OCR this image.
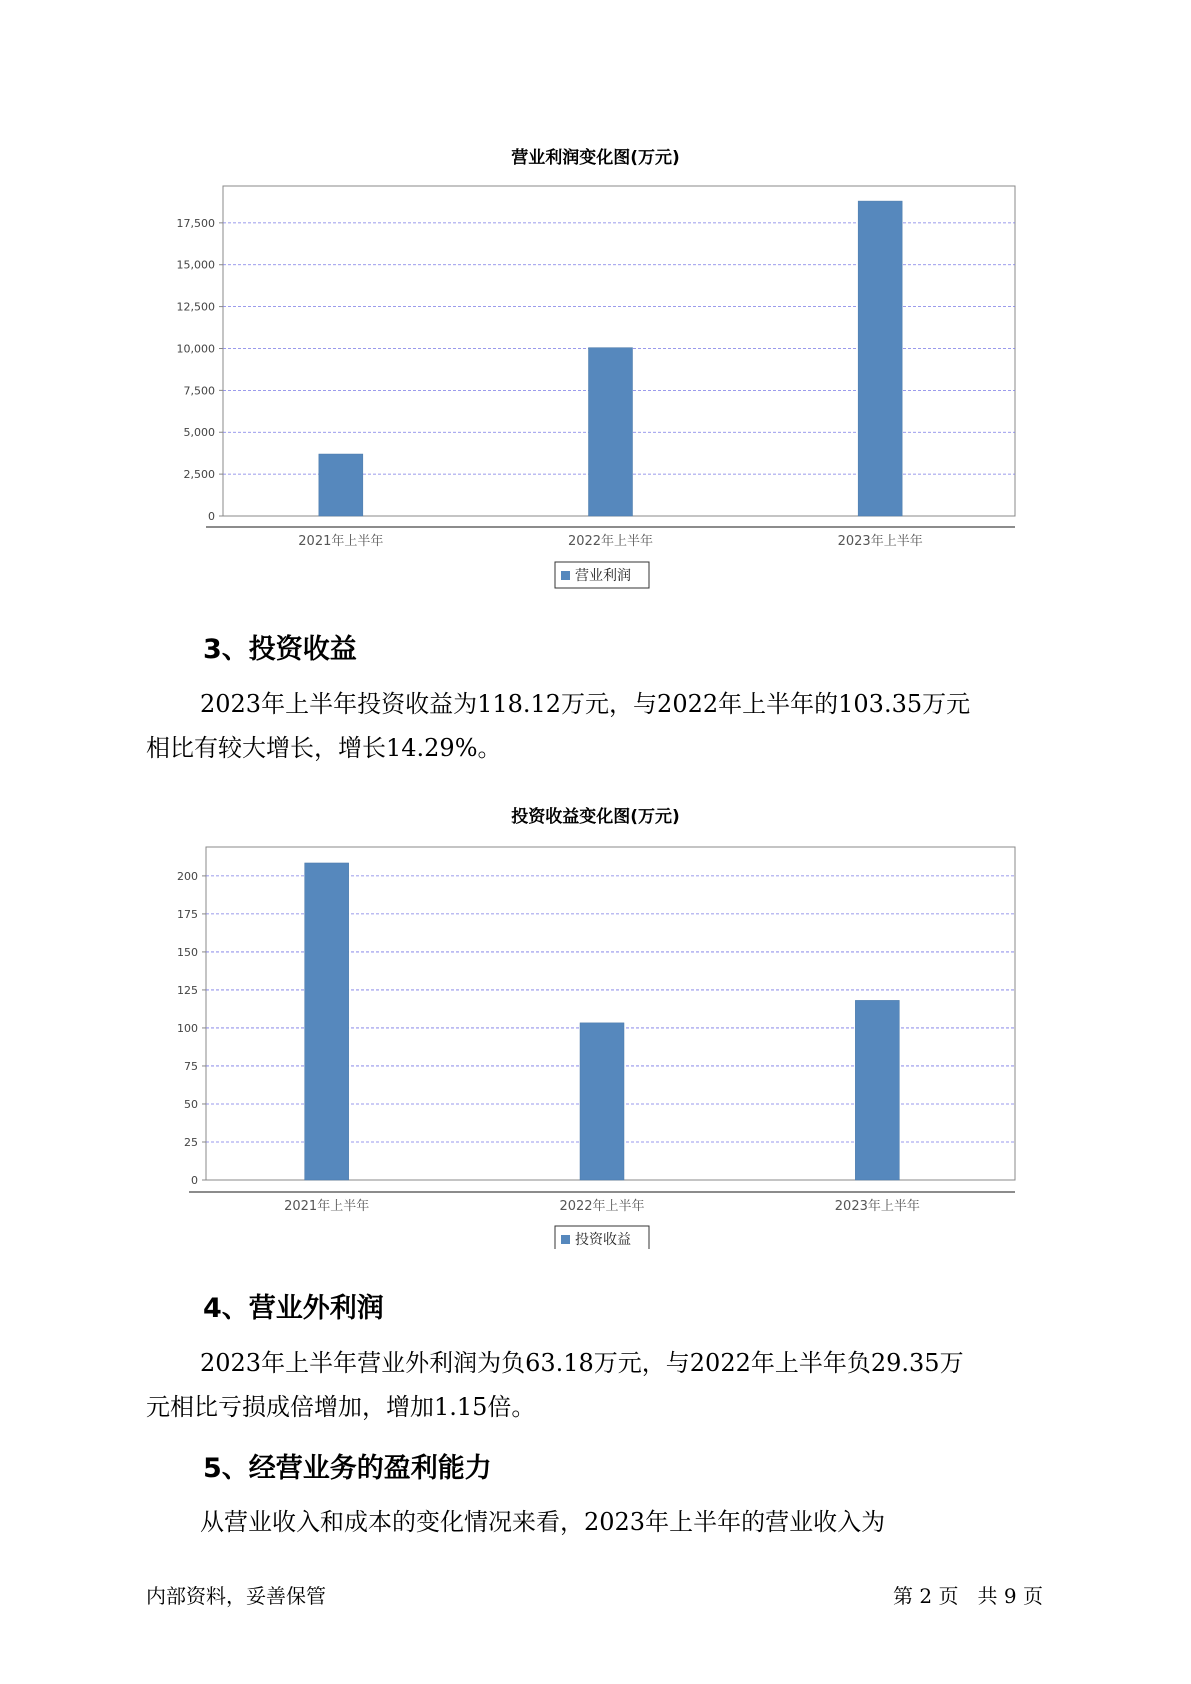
营业利润变化图(万元)
0
2,500
5,000
7,500
10,000
12,500
15,000
17,500
2021年上半年	2022年上半年	2023年上半年
营业利润
3、投资收益

2023年上半年投资收益为118.12万元，与2022年上半年的103.35万元
相比有较大增长，增长14.29%。

投资收益变化图(万元)
0
25
50
75
100
125
150
175
200
2021年上半年	2022年上半年	2023年上半年
投资收益
4、营业外利润

2023年上半年营业外利润为负63.18万元，与2022年上半年负29.35万
元相比亏损成倍增加，增加1.15倍。

5、经营业务的盈利能力

从营业收入和成本的变化情况来看，2023年上半年的营业收入为

内部资料，妥善保管	第 2 页   共 9 页
